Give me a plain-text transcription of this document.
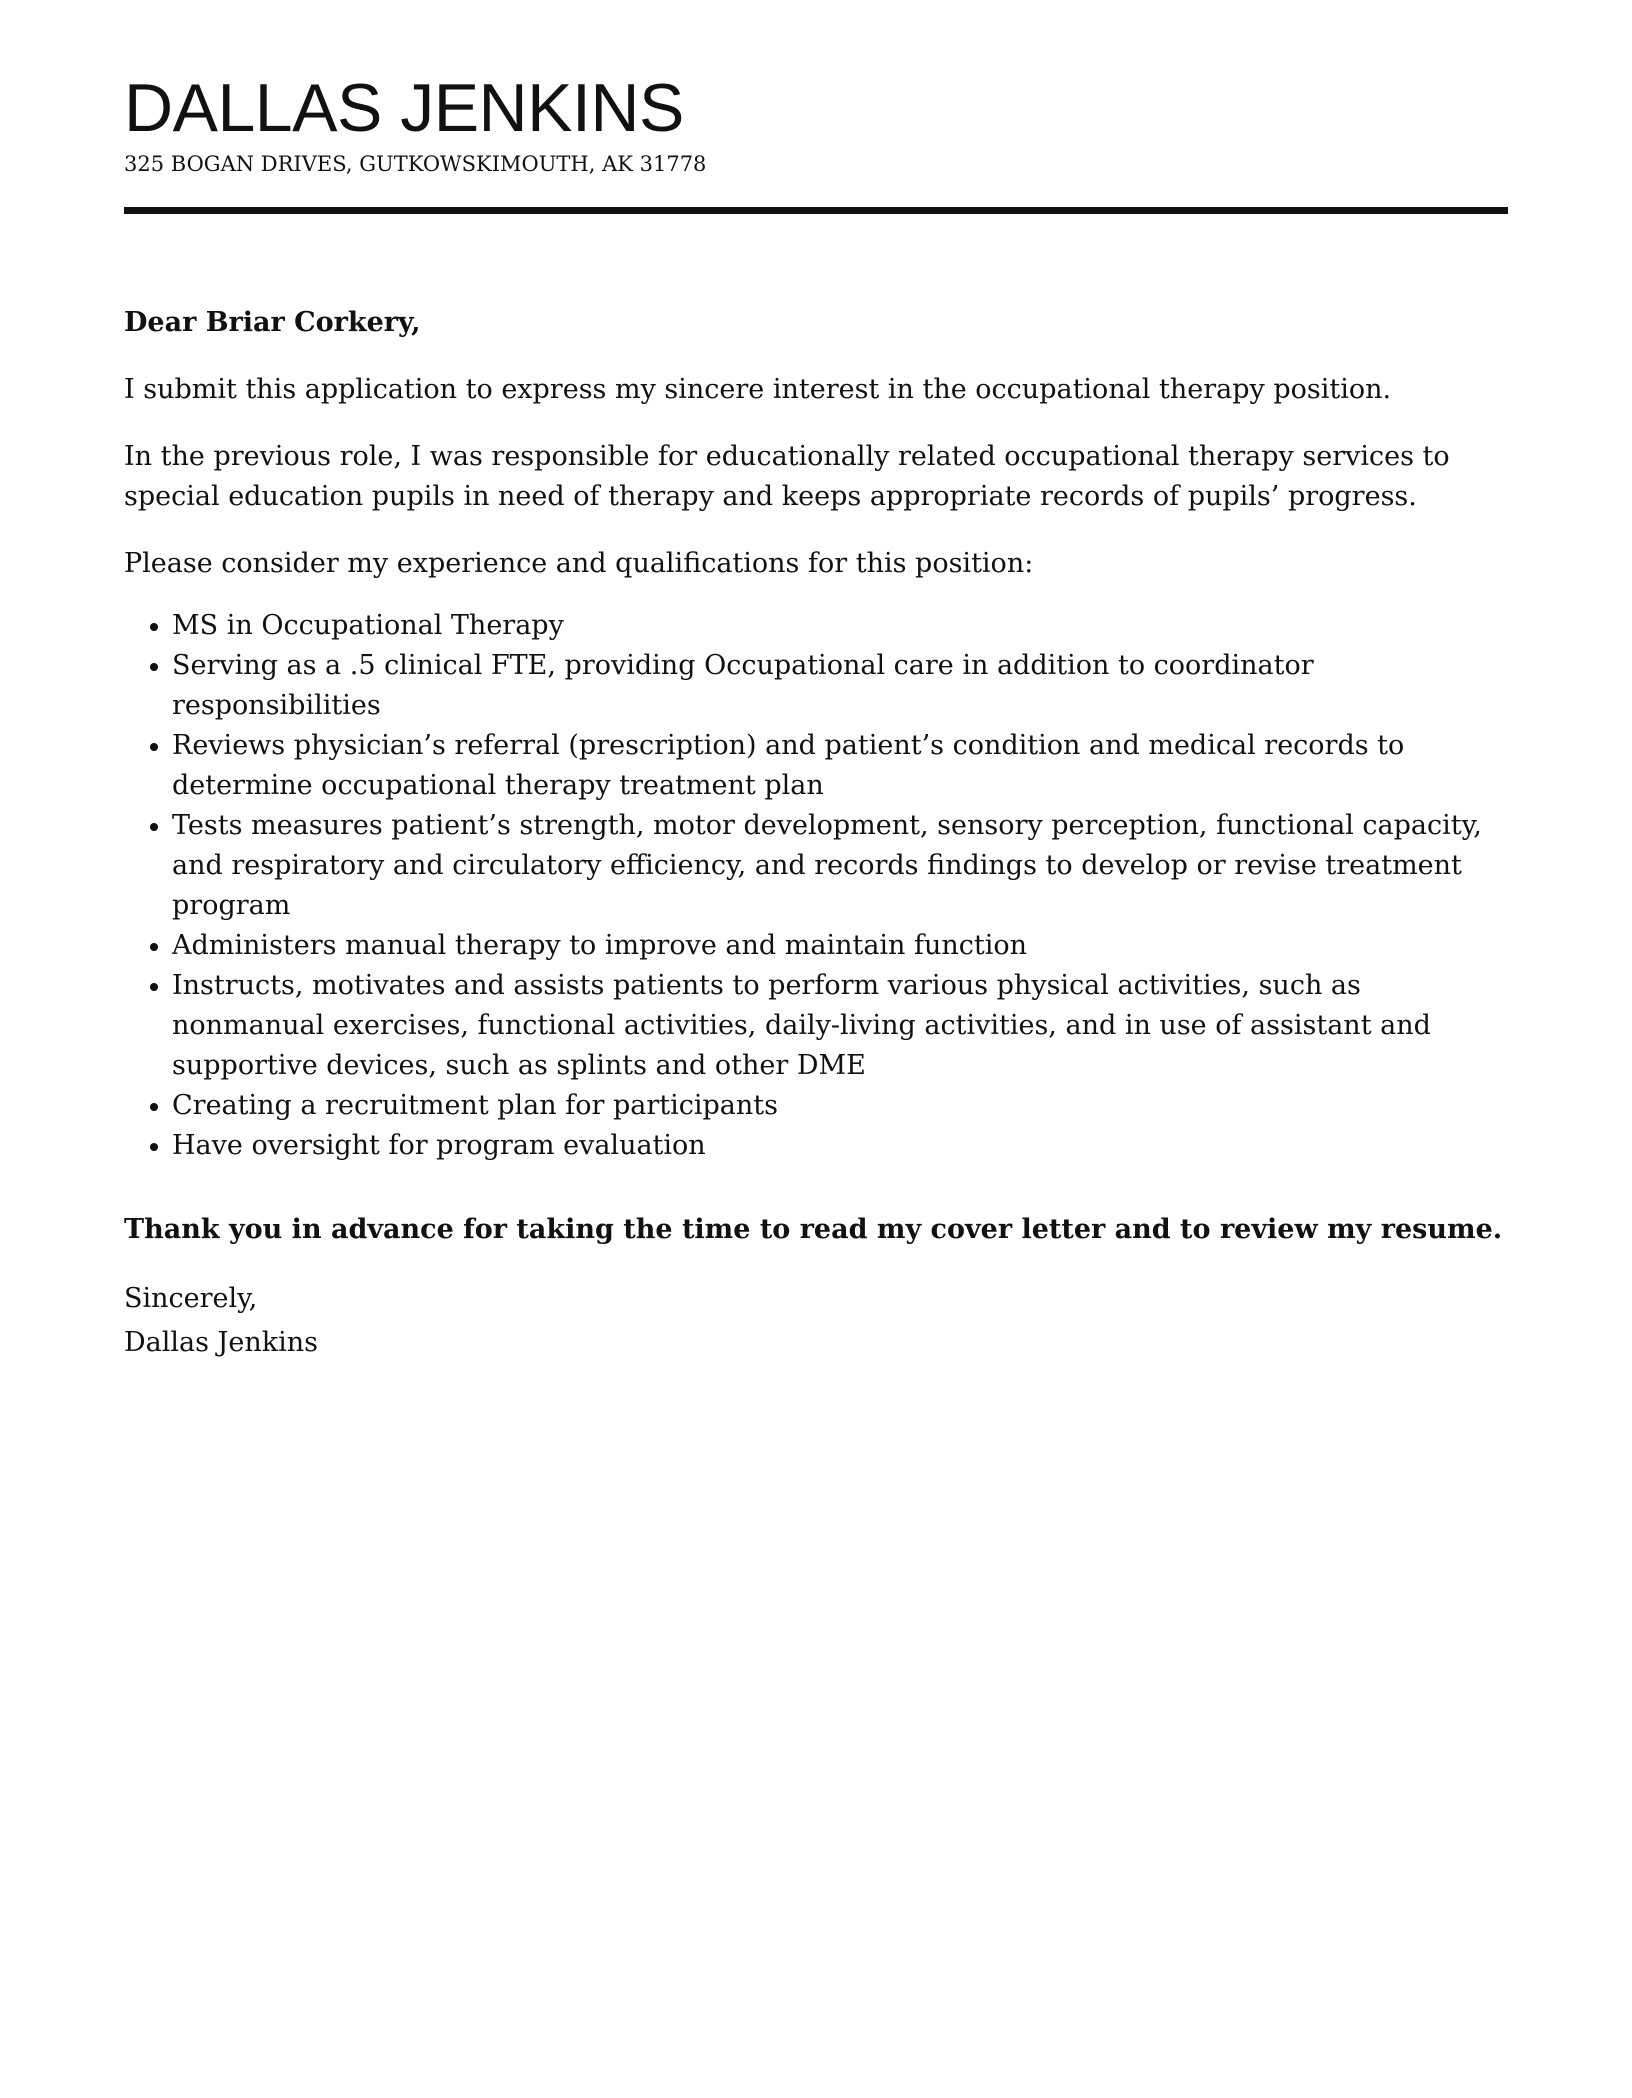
DALLAS JENKINS
325 BOGAN DRIVES, GUTKOWSKIMOUTH, AK 31778

Dear Briar Corkery,

I submit this application to express my sincere interest in the occupational therapy position.

In the previous role, I was responsible for educationally related occupational therapy services to special education pupils in need of therapy and keeps appropriate records of pupils’ progress.

Please consider my experience and qualifications for this position:

MS in Occupational Therapy
Serving as a .5 clinical FTE, providing Occupational care in addition to coordinator responsibilities
Reviews physician’s referral (prescription) and patient’s condition and medical records to determine occupational therapy treatment plan
Tests measures patient’s strength, motor development, sensory perception, functional capacity, and respiratory and circulatory efficiency, and records findings to develop or revise treatment program
Administers manual therapy to improve and maintain function
Instructs, motivates and assists patients to perform various physical activities, such as nonmanual exercises, functional activities, daily-living activities, and in use of assistant and supportive devices, such as splints and other DME
Creating a recruitment plan for participants
Have oversight for program evaluation

Thank you in advance for taking the time to read my cover letter and to review my resume.

Sincerely,

Dallas Jenkins
